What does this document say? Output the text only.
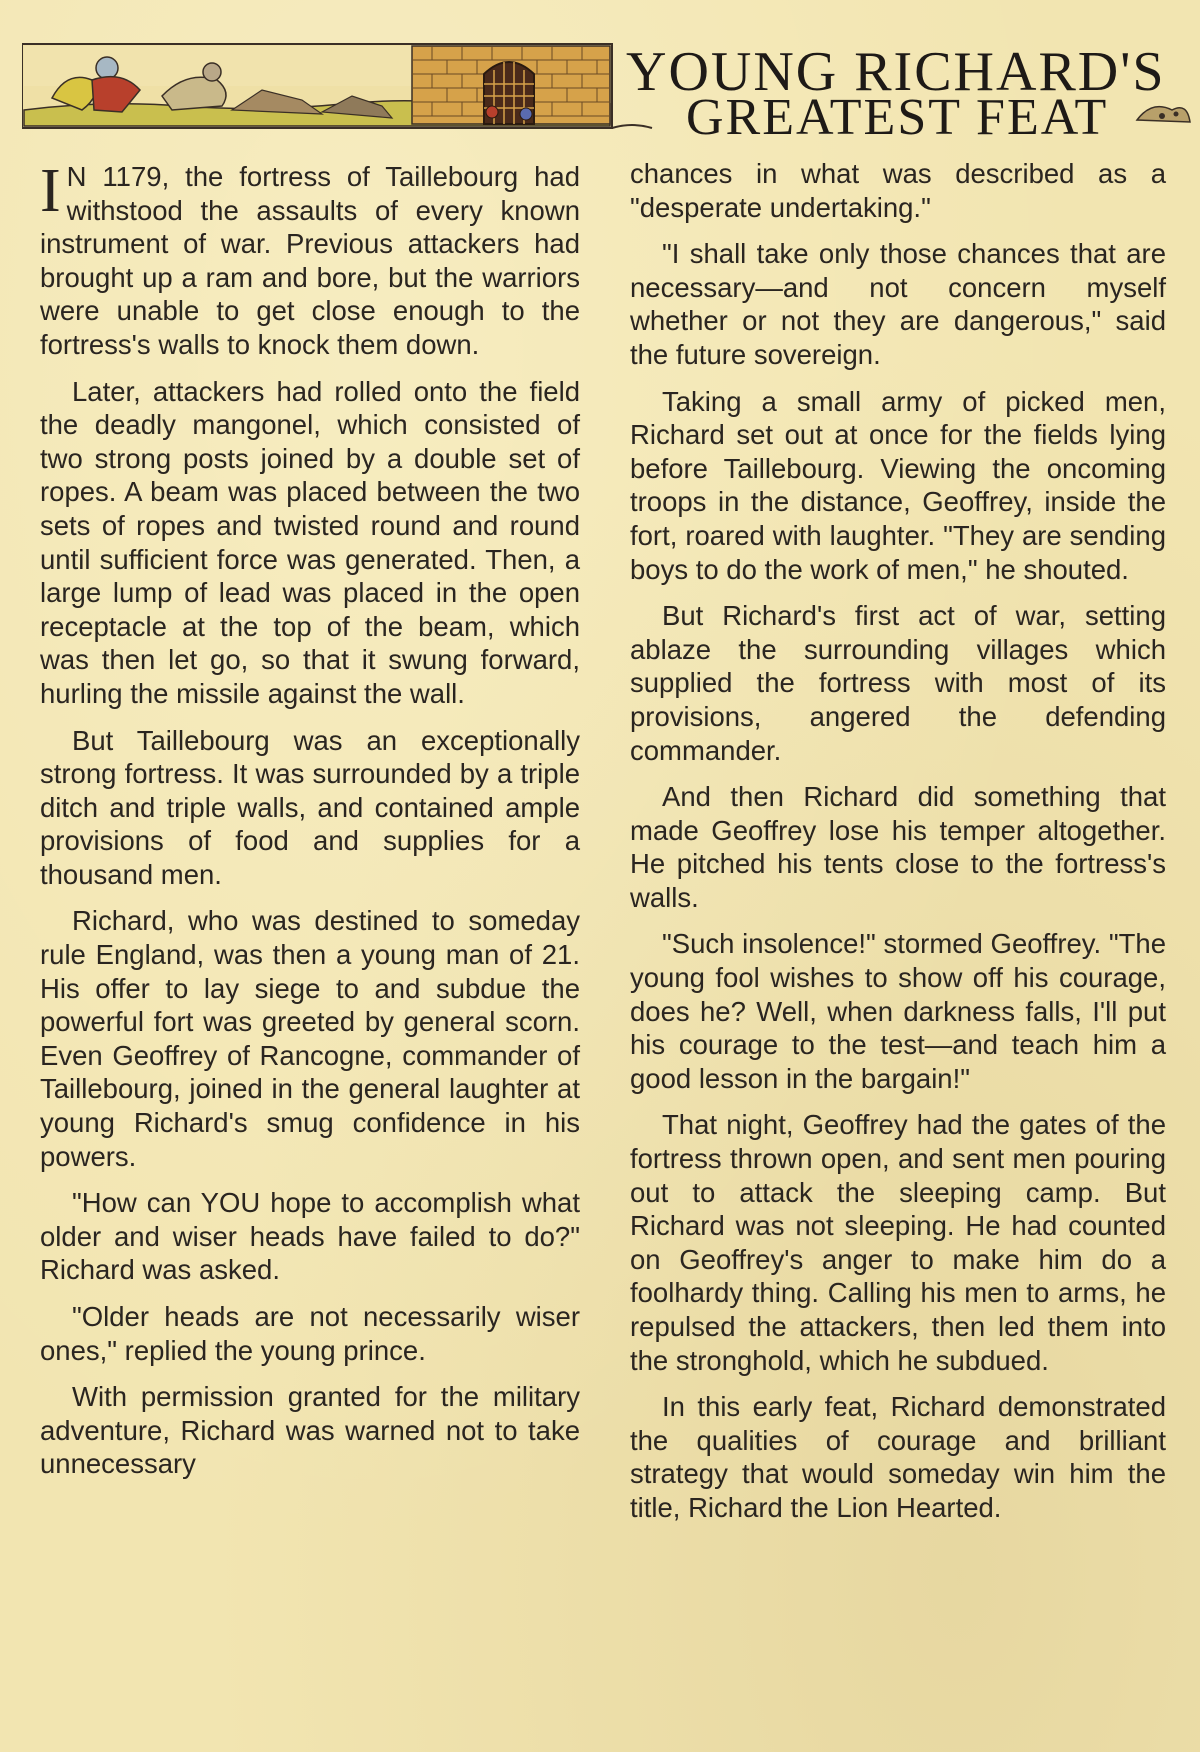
YOUNG RICHARD'S
GREATEST FEAT

I N 1179, the fortress of Taillebourg had withstood the assaults of every known instrument of war. Previous attackers had brought up a ram and bore, but the warriors were unable to get close enough to the fortress's walls to knock them down.

Later, attackers had rolled onto the field the deadly mangonel, which consisted of two strong posts joined by a double set of ropes. A beam was placed between the two sets of ropes and twisted round and round until sufficient force was generated. Then, a large lump of lead was placed in the open receptacle at the top of the beam, which was then let go, so that it swung forward, hurling the missile against the wall.

But Taillebourg was an exceptionally strong fortress. It was surrounded by a triple ditch and triple walls, and contained ample provisions of food and supplies for a thousand men.

Richard, who was destined to someday rule England, was then a young man of 21. His offer to lay siege to and subdue the powerful fort was greeted by general scorn. Even Geoffrey of Rancogne, commander of Taillebourg, joined in the general laughter at young Richard's smug confidence in his powers.

"How can YOU hope to accomplish what older and wiser heads have failed to do?" Richard was asked.

"Older heads are not necessarily wiser ones," replied the young prince.

With permission granted for the military adventure, Richard was warned not to take unnecessary

chances in what was described as a "desperate undertaking."

"I shall take only those chances that are necessary—and not concern myself whether or not they are dangerous," said the future sovereign.

Taking a small army of picked men, Richard set out at once for the fields lying before Taillebourg. Viewing the oncoming troops in the distance, Geoffrey, inside the fort, roared with laughter. "They are sending boys to do the work of men," he shouted.

But Richard's first act of war, setting ablaze the surrounding villages which supplied the fortress with most of its provisions, angered the defending commander.

And then Richard did something that made Geoffrey lose his temper altogether. He pitched his tents close to the fortress's walls.

"Such insolence!" stormed Geoffrey. "The young fool wishes to show off his courage, does he? Well, when darkness falls, I'll put his courage to the test—and teach him a good lesson in the bargain!"

That night, Geoffrey had the gates of the fortress thrown open, and sent men pouring out to attack the sleeping camp. But Richard was not sleeping. He had counted on Geoffrey's anger to make him do a foolhardy thing. Calling his men to arms, he repulsed the attackers, then led them into the stronghold, which he subdued.

In this early feat, Richard demonstrated the qualities of courage and brilliant strategy that would someday win him the title, Richard the Lion Hearted.
